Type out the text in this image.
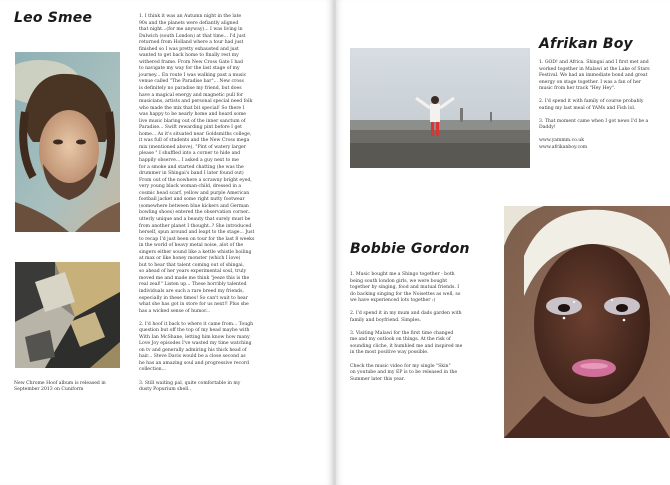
Leo Smee
New Chrome Hoof album is released in
September 2013 on Cuniform

1. I think it was an Autumn night in the late
90s and the planets were defiantly aligned
that night...(for me anyway)... I was living in
Dulwich (south London) at that time... I'd just
returned from Holland where a tour had just
finished so I was pretty exhausted and just
wanted to get back home to finally rest my
withered frame. From New Cross Gate I had
to navigate my way for the last stage of my
journey... En route I was walking past a music
venue called "The Paradise bar"... New cross
is definitely no paradise my friend, but does
have a magical energy and magnetic pull for
musicians, artists and personal special need folk
who made the mix that bit special! So there I
was happy to be nearly home and heard some
live music blaring out of the inner sanctum of
Paradise... Swift rewarding pint before I get
home... As it's situated near Goldsmiths college,
it was full of students and the New Cross mega
mix (mentioned above), "Pint of watery larger
please " I shuffled into a corner to hide and
happily observe... I asked a guy next to me
for a smoke and started chatting (he was the
drummer in Shingai's band I later found out)
From out of the nowhere a scrawny bright eyed,
very young black woman-child, dressed in a
cosmic head scarf, yellow and purple American
football jacket and some right nutty footwear
(somewhere between blue kickers and German
bowling shoes) entered the observation corner..
utterly unique and a beauty that surely must be
from another planet I thought..? She introduced
herself, spun around and leapt to the stage... Just
to recap I'd just been on tour for the last 8 weeks
in the world of heavy metal noise, alot of the
singers either sound like a kettle whistle boiling
at max or like honey monster (which I love)
but to hear that talent coming out of shingai,
so ahead of her years experimental soul, truly
moved me and made me think "jeeze this is the
real zeal!" Listen up... These horribly talented
individuals are such a rare breed my friends,
especially in these times! So can't wait to hear
what she has got in store for us next!! Plus she
has a wicked sense of humor...

2. I'd hoof it back to where it came from... Tough
question but off the top of my head maybe with
With Ian McShane, letting him know how many
Love Joy episodes I've wasted my time watching
on tv and generally admiring his thick head of
hair... Steve Davis would be a close second as
he has an amazing soul and progressive record
collection...

3. Still waiting pal, quite comfortable in my
dusty Popurium shell..

Afrikan Boy

1. GOD! and Africa. Shingai and I first met and
worked together in Malawi at the Lake of Stars
Festival. We had an immediate bond and great
energy on stage together. I was a fan of her
music from her track "Hey Hey".

2. I'd spend it with family of course probably
eating my last meal of YAMs and Fish lol.

3. That moment came when I got news I'd be a
Daddy!

www.yammm.co.uk
www.afrikanboy.com

Bobbie Gordon

1. Music bought me a Shingo together - both
being south london girls, we were bought
together by singing, food and mutual friends. I
do backing singing for the Noisettes as well, so
we have experienced lots together :)

2. I'd spend it in my mum and dads garden with
family and boyfriend. Simples.

3. Visiting Malawi for the first time changed
me and my outlook on things. At the risk of
sounding cliche, it humbled me and inspired me
in the most positive way possible.

Check the music video for my single "Skin"
on youtube and my EP is to be released in the
Summer later this year.
